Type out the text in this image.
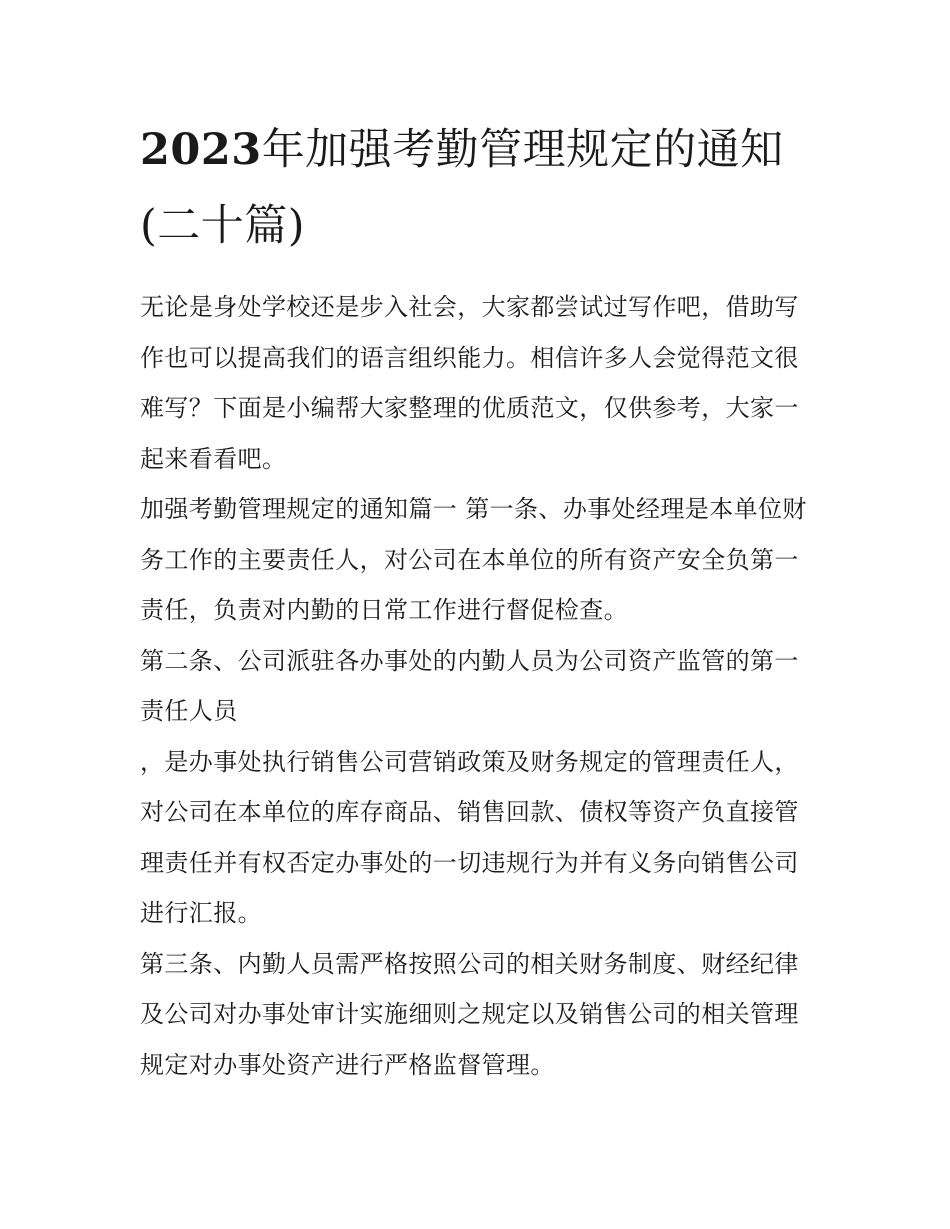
2023年加强考勤管理规定的通知(二十篇)

无论是身处学校还是步入社会，大家都尝试过写作吧，借助写作也可以提高我们的语言组织能力。相信许多人会觉得范文很难写？下面是小编帮大家整理的优质范文，仅供参考，大家一起来看看吧。

加强考勤管理规定的通知篇一 第一条、办事处经理是本单位财务工作的主要责任人，对公司在本单位的所有资产安全负第一责任，负责对内勤的日常工作进行督促检查。

第二条、公司派驻各办事处的内勤人员为公司资产监管的第一责任人员

，是办事处执行销售公司营销政策及财务规定的管理责任人，对公司在本单位的库存商品、销售回款、债权等资产负直接管理责任并有权否定办事处的一切违规行为并有义务向销售公司进行汇报。

第三条、内勤人员需严格按照公司的相关财务制度、财经纪律及公司对办事处审计实施细则之规定以及销售公司的相关管理规定对办事处资产进行严格监督管理。
